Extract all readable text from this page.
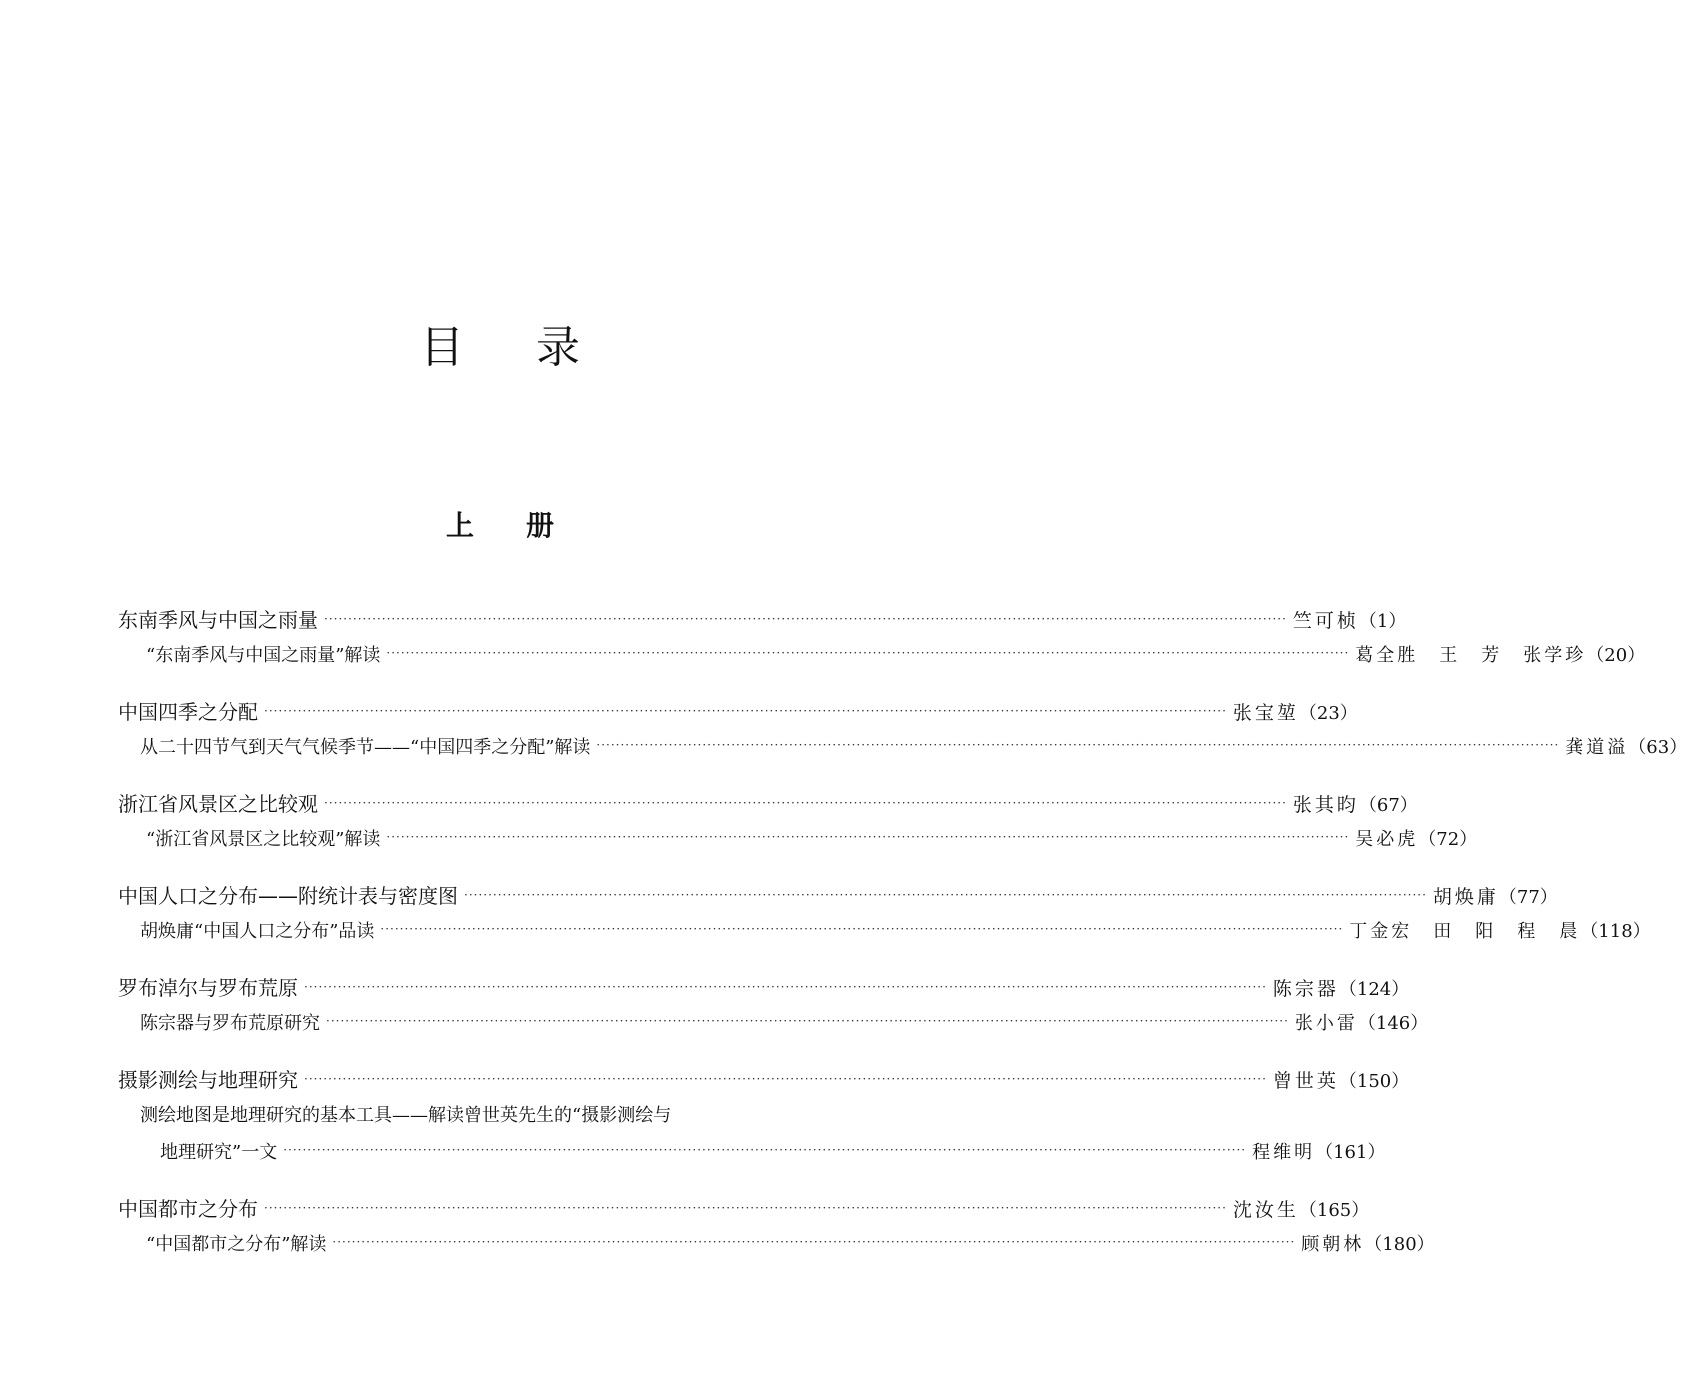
目 录
上 册
东南季风与中国之雨量 ········································································································································································································ 竺可桢 （1）
“东南季风与中国之雨量”解读 ········································································································································································································ 葛全胜　王　芳　张学珍 （20）
中国四季之分配 ········································································································································································································ 张宝堃 （23）
从二十四节气到天气气候季节——“中国四季之分配”解读 ········································································································································································································ 龚道溢 （63）
浙江省风景区之比较观 ········································································································································································································ 张其昀 （67）
“浙江省风景区之比较观”解读 ········································································································································································································ 吴必虎 （72）
中国人口之分布——附统计表与密度图 ········································································································································································································ 胡焕庸 （77）
胡焕庸“中国人口之分布”品读 ········································································································································································································ 丁金宏　田　阳　程　晨 （118）
罗布淖尔与罗布荒原 ········································································································································································································ 陈宗器 （124）
陈宗器与罗布荒原研究 ········································································································································································································ 张小雷 （146）
摄影测绘与地理研究 ········································································································································································································ 曾世英 （150）
测绘地图是地理研究的基本工具——解读曾世英先生的“摄影测绘与
地理研究”一文 ········································································································································································································ 程维明 （161）
中国都市之分布 ········································································································································································································ 沈汝生 （165）
“中国都市之分布”解读 ········································································································································································································ 顾朝林 （180）
